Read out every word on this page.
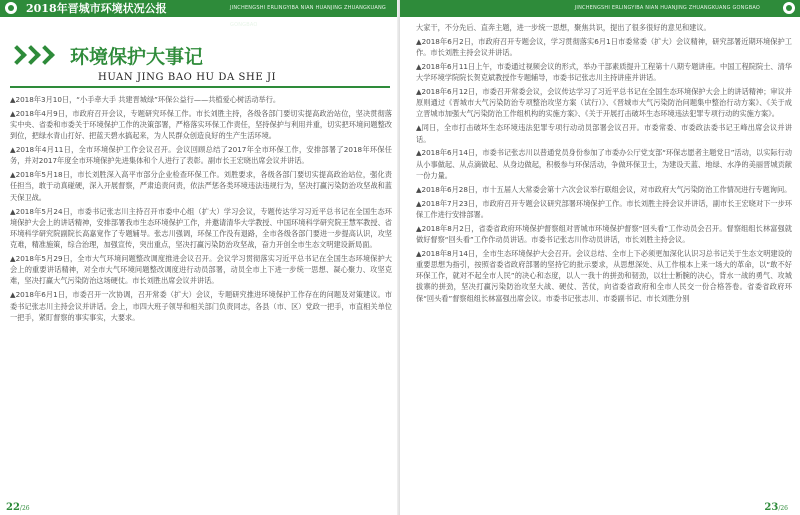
2018年晋城市环境状况公报	JINCHENGSHI ERLINGYIBA NIAN HUANJING ZHUANGKUANG GONGBAO
环境保护大事记
HUAN JING BAO HU DA SHE JI

▲2018年3月10日，“小手牵大手 共建晋城绿”环保公益行——共植爱心树活动举行。

▲2018年4月9日，市政府召开会议，专题研究环保工作。市长刘胜主持，各级各部门要切实提高政治站位，坚决贯彻落实中央、省委和市委关于环境保护工作的决策部署，严格落实环保工作责任，坚持保护与利用并重，切实把环境问题整改到位，把绿水青山打好、把蓝天碧水搞起来，为人民群众创造良好的生产生活环境。

▲2018年4月11日，全市环境保护工作会议召开。会议回顾总结了2017年全市环保工作，安排部署了2018年环保任务，并对2017年度全市环境保护先进集体和个人进行了表彰。副市长王宏晓出席会议并讲话。

▲2018年5月18日，市长刘胜深入高平市部分企业检查环保工作。刘胜要求，各级各部门要切实提高政治站位，强化责任担当，敢于动真碰硬，深入开展督察，严肃追责问责，依法严惩各类环境违法违规行为，坚决打赢污染防治攻坚战和蓝天保卫战。

▲2018年5月24日，市委书记张志川主持召开市委中心组（扩大）学习会议，专题传达学习习近平总书记在全国生态环境保护大会上的讲话精神，安排部署我市生态环境保护工作，并邀请清华大学教授、中国环境科学研究院王慧军教授、省环境科学研究院副院长高嘉宽作了专题辅导。张志川强调，环保工作没有退路，全市各级各部门要进一步提高认识，攻坚克难，精准施策，综合治理，加强宣传，突出重点，坚决打赢污染防治攻坚战，奋力开创全市生态文明建设新局面。

▲2018年5月29日，全市大气环境问题整改调度推进会议召开。会议学习贯彻落实习近平总书记在全国生态环境保护大会上的重要讲话精神，对全市大气环境问题整改调度进行动员部署，动员全市上下进一步统一思想、凝心聚力、攻坚克难，坚决打赢大气污染防治这场硬仗。市长刘胜出席会议并讲话。

▲2018年6月1日，市委召开一次协调，召开常委（扩大）会议，专题研究推进环境保护工作存在的问题及对策建议。市委书记张志川主持会议并讲话。会上，市四大班子领导和相关部门负责同志，各县（市、区）党政一把手，市直相关单位一把手，紧盯督察的事实事实，大要求。

22/26
JINCHENGSHI ERLINGYIBA NIAN HUANJING ZHUANGKUANG GONGBAO

大家干，不分先后、直奔主题，进一步统一思想，聚焦共识，提出了很多很好的意见和建议。

▲2018年6月2日，市政府召开专题会议，学习贯彻落实6月1日市委常委（扩大）会议精神，研究部署近期环境保护工作。市长刘胜主持会议并讲话。

▲2018年6月11日上午，市委通过视频会议的形式，举办干部素质提升工程第十八期专题讲座。中国工程院院士、清华大学环境学院院长贺克斌教授作专题辅导，市委书记张志川主持讲座并讲话。

▲2018年6月12日，市委召开常委会议，会议传达学习了习近平总书记在全国生态环境保护大会上的讲话精神；审议并原则通过《晋城市大气污染防治专项整治攻坚方案（试行）》、《晋城市大气污染防治问题集中整治行动方案》、《关于成立晋城市加强大气污染防治工作组机构的实施方案》、《关于开展打击破坏生态环境违法犯罪专项行动的实施方案》。

▲同日，全市打击破坏生态环境违法犯罪专项行动动员部署会议召开。市委常委、市委政法委书记王峰出席会议并讲话。

▲2018年6月14日，市委书记张志川以普通党员身份参加了市委办公厅党支部“环保志愿者主题党日”活动，以实际行动从小事做起、从点滴做起、从身边做起，积极参与环保活动，争做环保卫士，为建设天蓝、地绿、水净的美丽晋城贡献一份力量。

▲2018年6月28日，市十五届人大常委会第十六次会议举行联组会议，对市政府大气污染防治工作情况进行专题询问。

▲2018年7月23日，市政府召开专题会议研究部署环境保护工作。市长刘胜主持会议并讲话，副市长王宏晓对下一步环保工作进行安排部署。

▲2018年8月2日，省委省政府环境保护督察组对晋城市环境保护督察“回头看”工作动员会召开。督察组组长林富强就做好督察“回头看”工作作动员讲话。市委书记张志川作动员讲话，市长刘胜主持会议。

▲2018年8月14日，全市生态环境保护大会召开。会议总结、全市上下必须更加深化认识习总书记关于生态文明建设的重要思想为指引，按照省委省政府部署的坚持它的批示要求，从思想深处、从工作根本上来一场大的革命，以“敢不好环保工作，就对不起全市人民”的决心和态度，以人一我十的拼劲和韧劲，以壮士断腕的决心，背水一战的勇气、攻城拔寨的拼劲，坚决打赢污染防治攻坚大战、硬仗、苦仗，向省委省政府和全市人民交一份合格答卷。省委省政府环保“回头看”督察组组长林富强出席会议。市委书记张志川、市委副书记、市长刘胜分别

23/26
